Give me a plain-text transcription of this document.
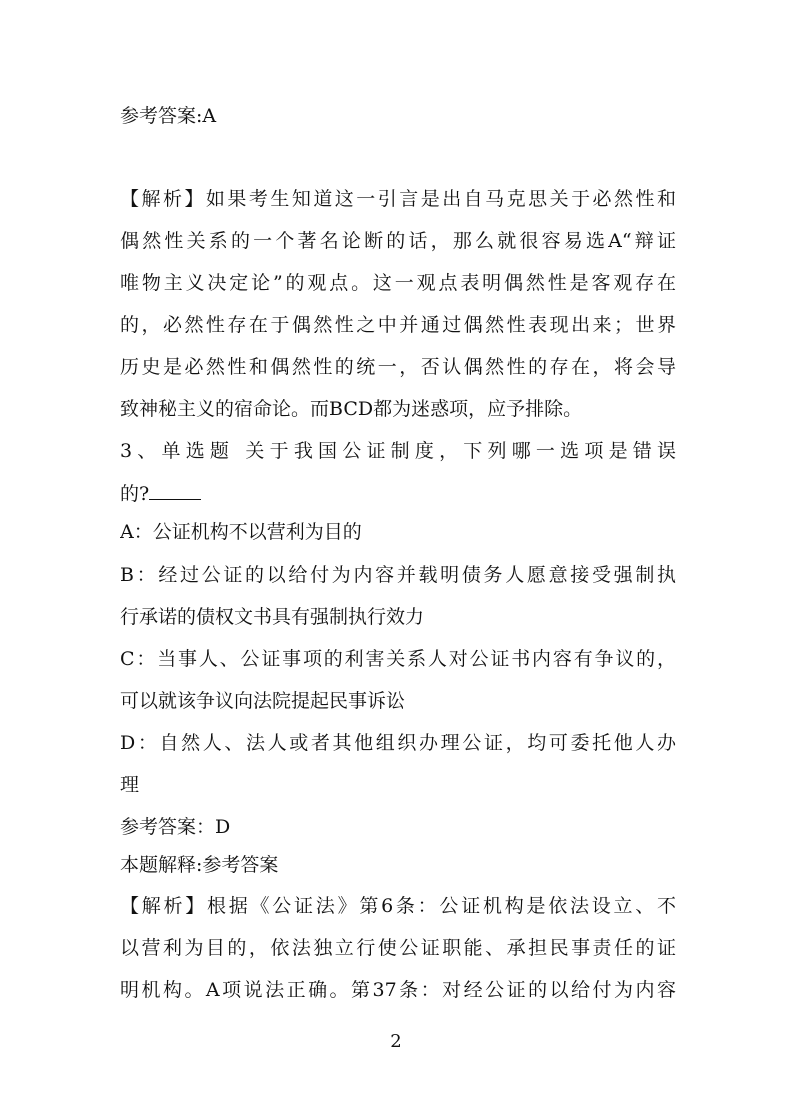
参考答案:A
【解析】如果考生知道这一引言是出自马克思关于必然性和
偶然性关系的一个著名论断的话，那么就很容易选A“辩证
唯物主义决定论”的观点。这一观点表明偶然性是客观存在
的，必然性存在于偶然性之中并通过偶然性表现出来；世界
历史是必然性和偶然性的统一，否认偶然性的存在，将会导
致神秘主义的宿命论。而BCD都为迷惑项，应予排除。
3、单选题 关于我国公证制度，下列哪一选项是错误
的?
A：公证机构不以营利为目的
B：经过公证的以给付为内容并载明债务人愿意接受强制执
行承诺的债权文书具有强制执行效力
C：当事人、公证事项的利害关系人对公证书内容有争议的，
可以就该争议向法院提起民事诉讼
D：自然人、法人或者其他组织办理公证，均可委托他人办
理
参考答案：D
本题解释:参考答案
【解析】根据《公证法》第6条：公证机构是依法设立、不
以营利为目的，依法独立行使公证职能、承担民事责任的证
明机构。A项说法正确。第37条：对经公证的以给付为内容
2
